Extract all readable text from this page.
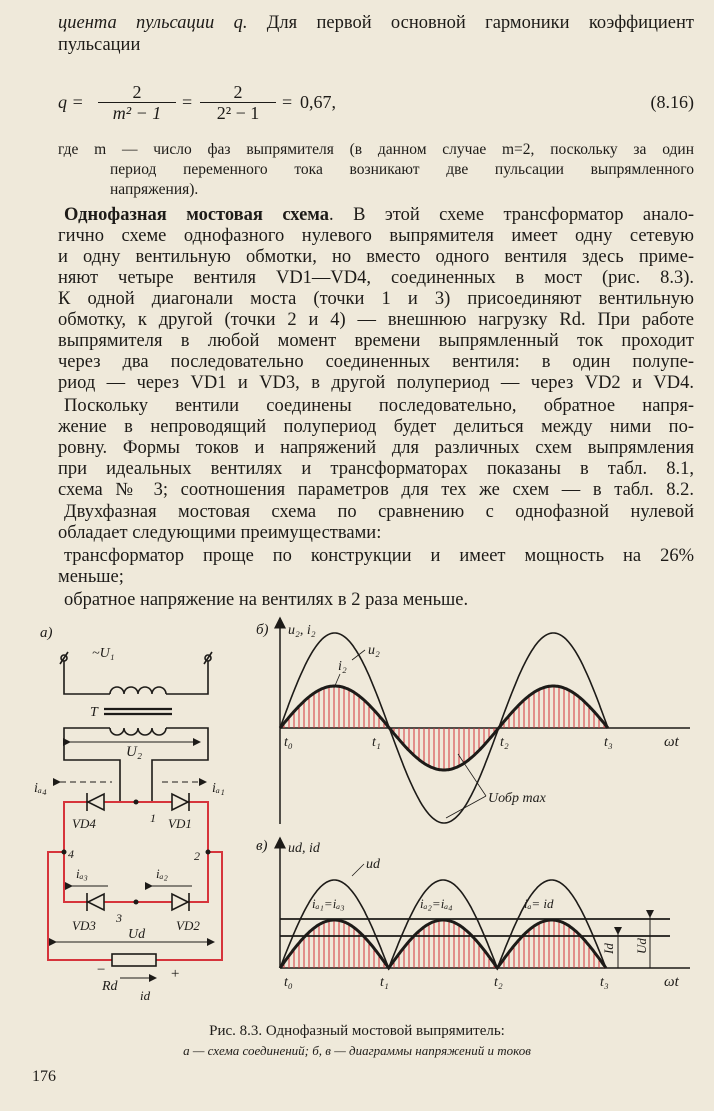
циента пульсации q. Для первой основной гармоники коэффициент
пульсации
$q = \frac{2}{\text{m² − 1}} = \frac{2}{\text{2² − 1}} = 0,67$,	(8.16)
где m — число фаз выпрямителя (в данном случае m=2, поскольку за один
период переменного тока возникают две пульсации выпрямленного
напряжения).
Однофазная мостовая схема. В этой схеме трансформатор анало-
гично схеме однофазного нулевого выпрямителя имеет одну сетевую
и одну вентильную обмотки, но вместо одного вентиля здесь приме-
няют четыре вентиля VD1—VD4, соединенных в мост (рис. 8.3).
К одной диагонали моста (точки 1 и 3) присоединяют вентильную
обмотку, к другой (точки 2 и 4) — внешнюю нагрузку Rd. При работе
выпрямителя в любой момент времени выпрямленный ток проходит
через два последовательно соединенных вентиля: в один полупе-
риод — через VD1 и VD3, в другой полупериод — через VD2 и VD4.
Поскольку вентили соединены последовательно, обратное напря-
жение в непроводящий полупериод будет делиться между ними по-
ровну. Формы токов и напряжений для различных схем выпрямления
при идеальных вентилях и трансформаторах показаны в табл. 8.1,
схема № 3; соотношения параметров для тех же схем — в табл. 8.2.
Двухфазная мостовая схема по сравнению с однофазной нулевой
обладает следующими преимуществами:
трансформатор проще по конструкции и имеет мощность на 26%
меньше;
обратное напряжение на вентилях в 2 раза меньше.
а)
~U₁
T
U₂
iₐ₄	iₐ₁
VD4	VD1
VD3	VD2
1
4	2
3
iₐ₃	iₐ₂
Ud
−	+
Rd
id
б) u₂, i₂
u₂
i₂
t₀	t₁	t₂	t₃	ωt
Uобр max
в) ud, id
ud
iₐ₁=iₐ₃	iₐ₂=iₐ₄	iₐ= id
Id Ud
t₀	t₁	t₂	t₃	ωt
Рис. 8.3. Однофазный мостовой выпрямитель:
а — схема соединений; б, в — диаграммы напряжений и токов
176
